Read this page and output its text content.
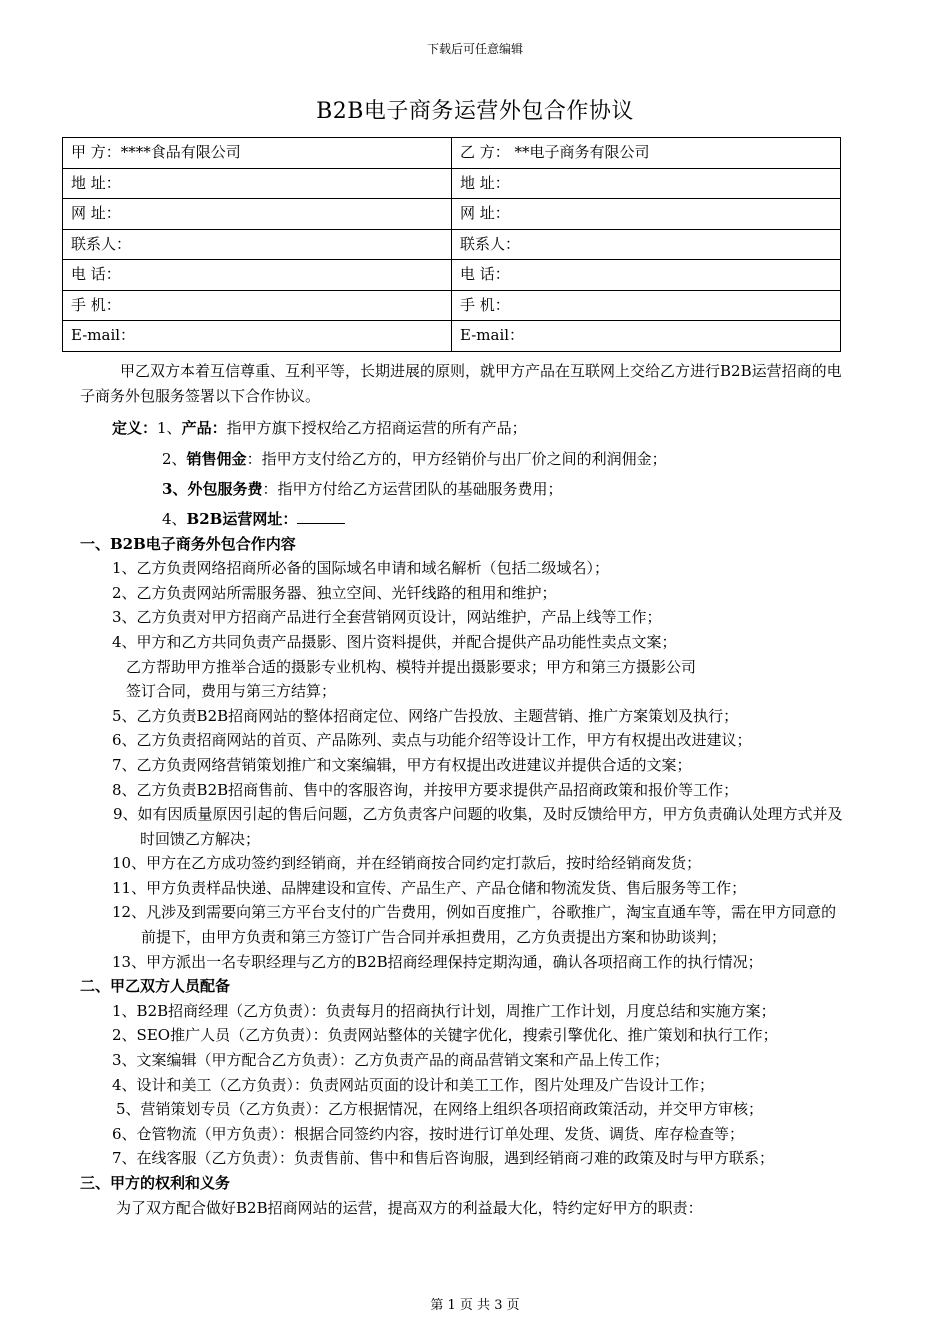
下载后可任意编辑
B2B电子商务运营外包合作协议
甲 方：****食品有限公司	乙 方： **电子商务有限公司
地 址：	地 址：
网 址：	网 址：
联系人：	联系人：
电 话：	电 话：
手 机：	手 机：
E-mail：	E-mail：
甲乙双方本着互信尊重、互利平等，长期进展的原则，就甲方产品在互联网上交给乙方进行B2B运营招商的电子商务外包服务签署以下合作协议。
定义：1、产品：指甲方旗下授权给乙方招商运营的所有产品；
2、销售佣金：指甲方支付给乙方的，甲方经销价与出厂价之间的利润佣金；
3、外包服务费：指甲方付给乙方运营团队的基础服务费用；
4、B2B运营网址：
一、B2B电子商务外包合作内容
1、乙方负责网络招商所必备的国际域名申请和域名解析（包括二级域名）；
2、乙方负责网站所需服务器、独立空间、光钎线路的租用和维护；
3、乙方负责对甲方招商产品进行全套营销网页设计，网站维护，产品上线等工作；
4、甲方和乙方共同负责产品摄影、图片资料提供，并配合提供产品功能性卖点文案；
乙方帮助甲方推举合适的摄影专业机构、模特并提出摄影要求；甲方和第三方摄影公司
签订合同，费用与第三方结算；
5、乙方负责B2B招商网站的整体招商定位、网络广告投放、主题营销、推广方案策划及执行；
6、乙方负责招商网站的首页、产品陈列、卖点与功能介绍等设计工作，甲方有权提出改进建议；
7、乙方负责网络营销策划推广和文案编辑，甲方有权提出改进建议并提供合适的文案；
8、乙方负责B2B招商售前、售中的客服咨询，并按甲方要求提供产品招商政策和报价等工作；
9、如有因质量原因引起的售后问题，乙方负责客户问题的收集，及时反馈给甲方，甲方负责确认处理方式并及时回馈乙方解决；
10、甲方在乙方成功签约到经销商，并在经销商按合同约定打款后，按时给经销商发货；
11、甲方负责样品快递、品牌建设和宣传、产品生产、产品仓储和物流发货、售后服务等工作；
12、凡涉及到需要向第三方平台支付的广告费用，例如百度推广，谷歌推广，淘宝直通车等，需在甲方同意的前提下，由甲方负责和第三方签订广告合同并承担费用，乙方负责提出方案和协助谈判；
13、甲方派出一名专职经理与乙方的B2B招商经理保持定期沟通，确认各项招商工作的执行情况；
二、甲乙双方人员配备
1、B2B招商经理（乙方负责）：负责每月的招商执行计划，周推广工作计划，月度总结和实施方案；
2、SEO推广人员（乙方负责）：负责网站整体的关键字优化，搜索引擎优化、推广策划和执行工作；
3、文案编辑（甲方配合乙方负责）：乙方负责产品的商品营销文案和产品上传工作；
4、设计和美工（乙方负责）：负责网站页面的设计和美工工作，图片处理及广告设计工作；
5、营销策划专员（乙方负责）：乙方根据情况，在网络上组织各项招商政策活动，并交甲方审核；
6、仓管物流（甲方负责）：根据合同签约内容，按时进行订单处理、发货、调货、库存检查等；
7、在线客服（乙方负责）：负责售前、售中和售后咨询服，遇到经销商刁难的政策及时与甲方联系；
三、甲方的权利和义务
为了双方配合做好B2B招商网站的运营，提高双方的利益最大化，特约定好甲方的职责：
第 1 页 共 3 页
